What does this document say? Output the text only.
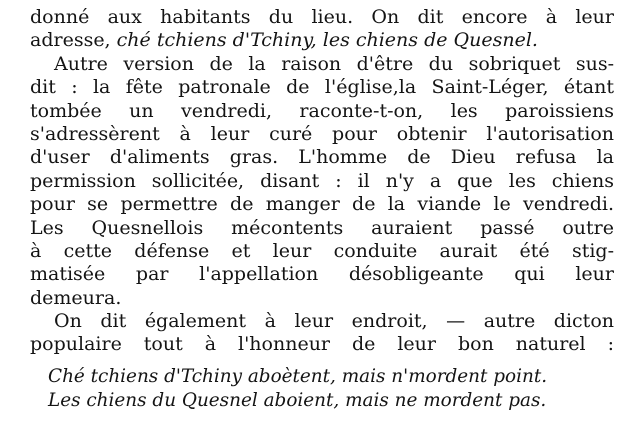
donné aux habitants du lieu. On dit encore à leur
adresse, ché tchiens d'Tchiny, les chiens de Quesnel.
Autre version de la raison d'être du sobriquet sus-
dit : la fête patronale de l'église,la Saint-Léger, étant
tombée un vendredi, raconte-t-on, les paroissiens
s'adressèrent à leur curé pour obtenir l'autorisation
d'user d'aliments gras. L'homme de Dieu refusa la
permission sollicitée, disant : il n'y a que les chiens
pour se permettre de manger de la viande le vendredi.
Les Quesnellois mécontents auraient passé outre
à cette défense et leur conduite aurait été stig-
matisée par l'appellation désobligeante qui leur
demeura.
On dit également à leur endroit, — autre dicton
populaire tout à l'honneur de leur bon naturel :
Ché tchiens d'Tchiny aboètent, mais n'mordent point.
Les chiens du Quesnel aboient, mais ne mordent pas.
